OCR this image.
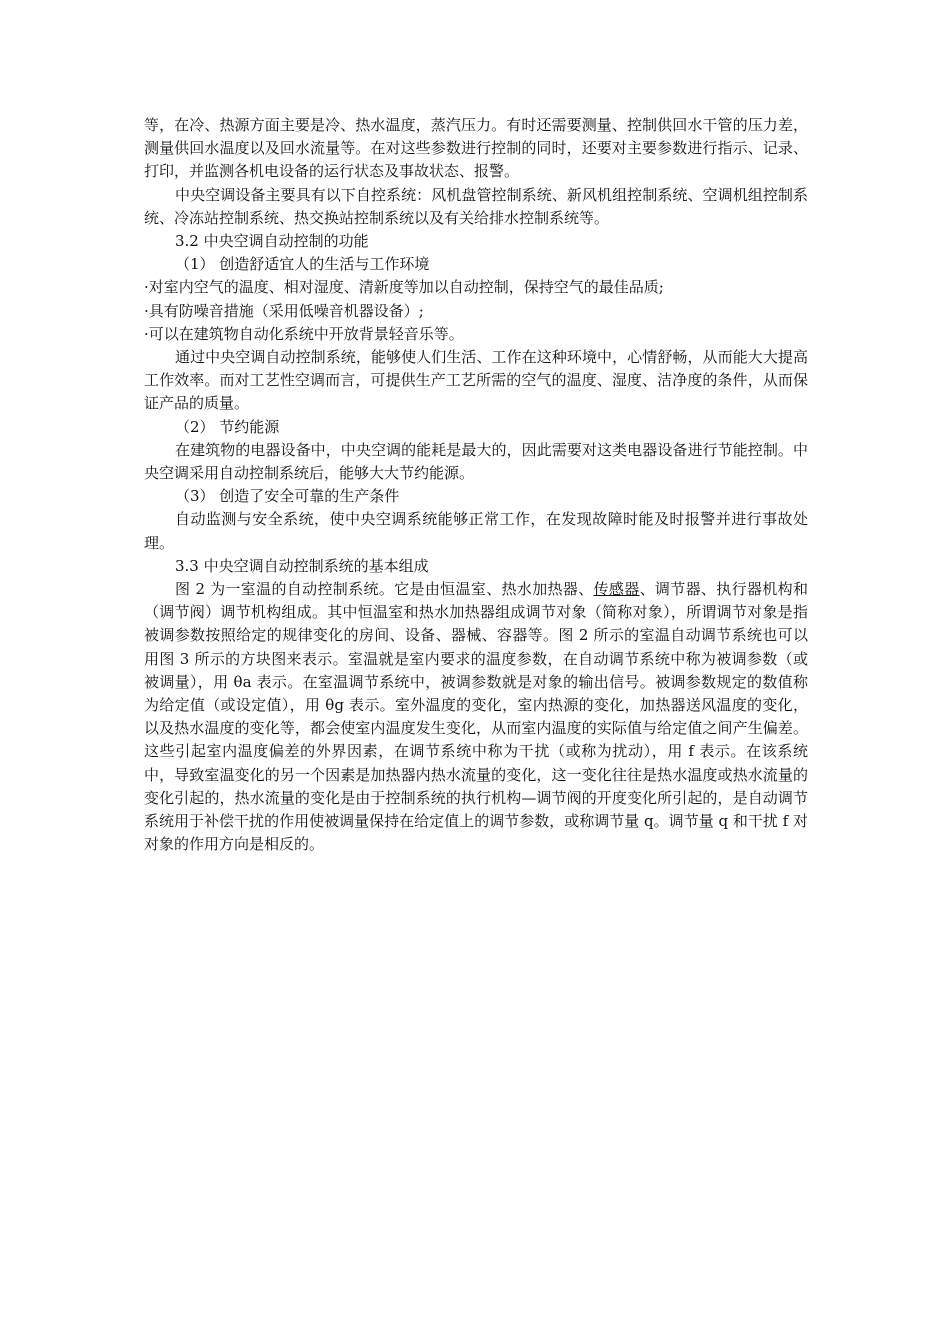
等，在冷、热源方面主要是冷、热水温度，蒸汽压力。有时还需要测量、控制供回水干管的压力差，测量供回水温度以及回水流量等。在对这些参数进行控制的同时，还要对主要参数进行指示、记录、打印，并监测各机电设备的运行状态及事故状态、报警。

中央空调设备主要具有以下自控系统：风机盘管控制系统、新风机组控制系统、空调机组控制系统、冷冻站控制系统、热交换站控制系统以及有关给排水控制系统等。

3.2 中央空调自动控制的功能

（1） 创造舒适宜人的生活与工作环境

·对室内空气的温度、相对湿度、清新度等加以自动控制，保持空气的最佳品质;

·具有防噪音措施（采用低噪音机器设备）;

·可以在建筑物自动化系统中开放背景轻音乐等。

通过中央空调自动控制系统，能够使人们生活、工作在这种环境中，心情舒畅，从而能大大提高工作效率。而对工艺性空调而言，可提供生产工艺所需的空气的温度、湿度、洁净度的条件，从而保证产品的质量。

（2） 节约能源

在建筑物的电器设备中，中央空调的能耗是最大的，因此需要对这类电器设备进行节能控制。中央空调采用自动控制系统后，能够大大节约能源。

（3） 创造了安全可靠的生产条件

自动监测与安全系统，使中央空调系统能够正常工作，在发现故障时能及时报警并进行事故处理。

3.3 中央空调自动控制系统的基本组成

图 2 为一室温的自动控制系统。它是由恒温室、热水加热器、传感器、调节器、执行器机构和（调节阀）调节机构组成。其中恒温室和热水加热器组成调节对象（简称对象），所谓调节对象是指被调参数按照给定的规律变化的房间、设备、器械、容器等。图 2 所示的室温自动调节系统也可以用图 3 所示的方块图来表示。室温就是室内要求的温度参数，在自动调节系统中称为被调参数（或被调量），用 θa 表示。在室温调节系统中，被调参数就是对象的输出信号。被调参数规定的数值称为给定值（或设定值），用 θg 表示。室外温度的变化，室内热源的变化，加热器送风温度的变化，以及热水温度的变化等，都会使室内温度发生变化，从而室内温度的实际值与给定值之间产生偏差。这些引起室内温度偏差的外界因素，在调节系统中称为干扰（或称为扰动），用 f 表示。在该系统中，导致室温变化的另一个因素是加热器内热水流量的变化，这一变化往往是热水温度或热水流量的变化引起的，热水流量的变化是由于控制系统的执行机构—调节阀的开度变化所引起的，是自动调节系统用于补偿干扰的作用使被调量保持在给定值上的调节参数，或称调节量 q。调节量 q 和干扰 f 对对象的作用方向是相反的。
